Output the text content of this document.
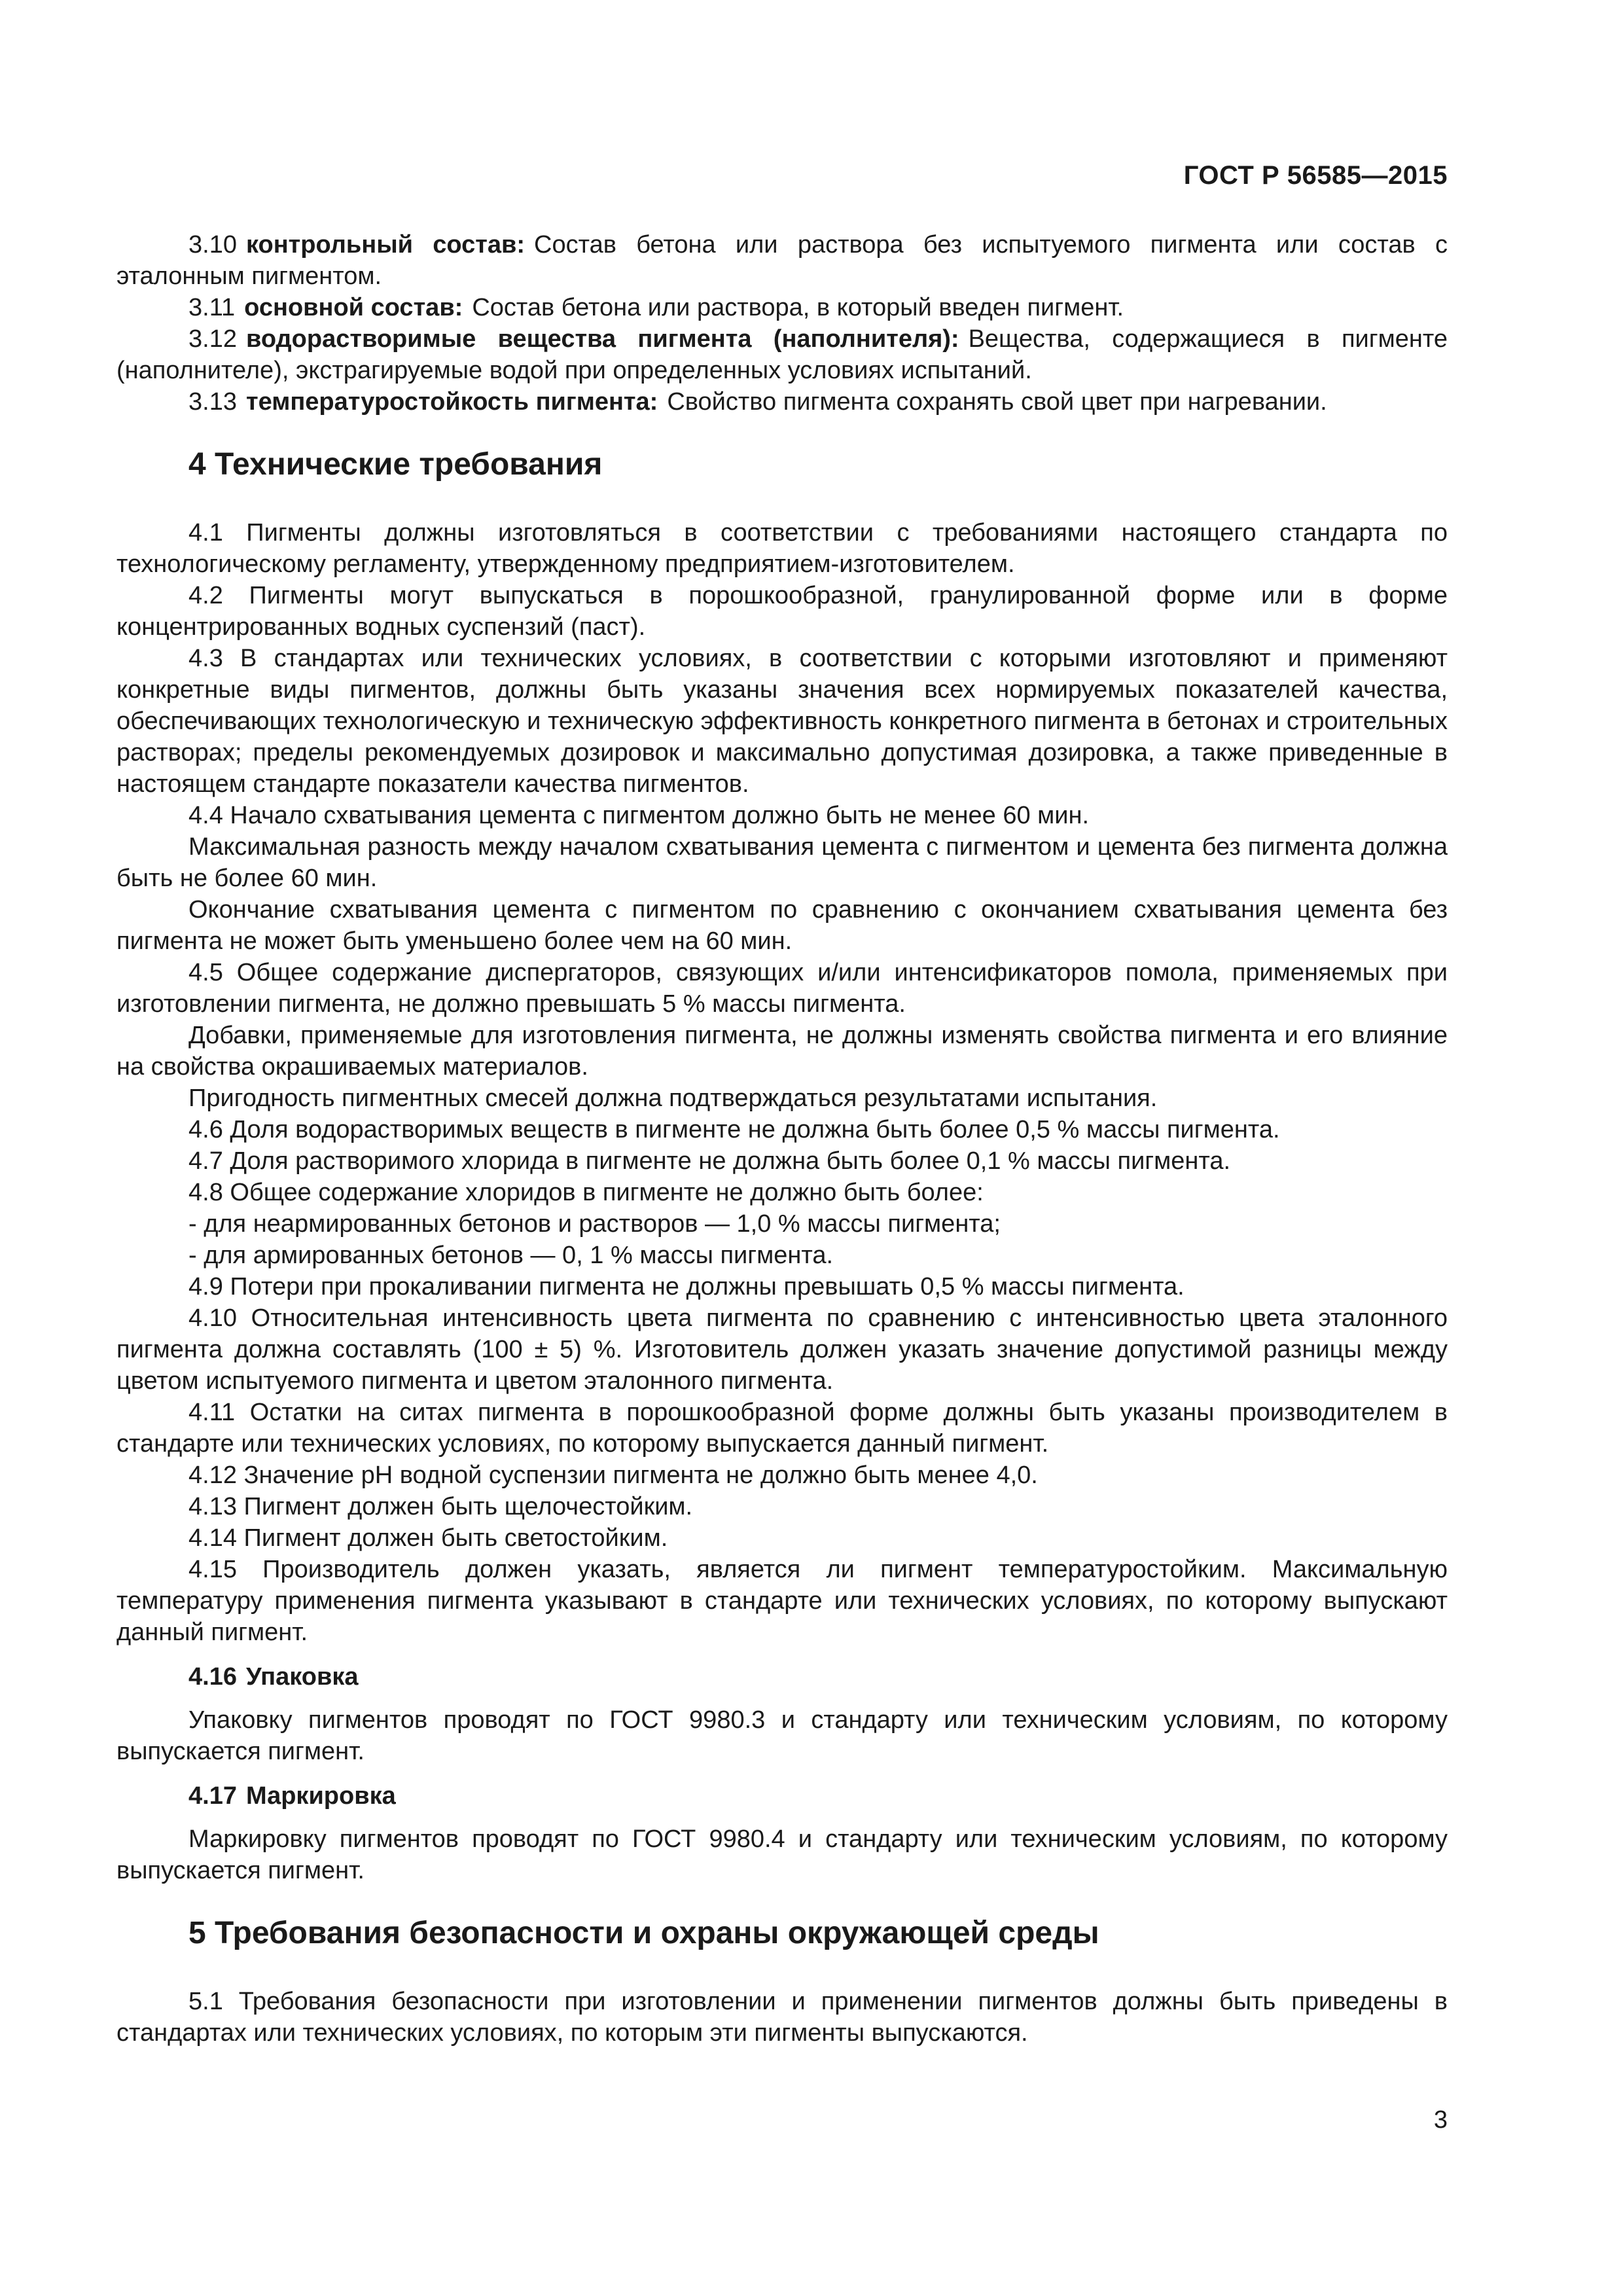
ГОСТ Р 56585—2015

3.10 контрольный состав: Состав бетона или раствора без испытуемого пигмента или состав с эталонным пигментом.

3.11 основной состав: Состав бетона или раствора, в который введен пигмент.

3.12 водорастворимые вещества пигмента (наполнителя): Вещества, содержащиеся в пигменте (наполнителе), экстрагируемые водой при определенных условиях испытаний.

3.13 температуростойкость пигмента: Свойство пигмента сохранять свой цвет при нагревании.

4 Технические требования

4.1 Пигменты должны изготовляться в соответствии с требованиями настоящего стандарта по технологическому регламенту, утвержденному предприятием-изготовителем.

4.2 Пигменты могут выпускаться в порошкообразной, гранулированной форме или в форме концентрированных водных суспензий (паст).

4.3 В стандартах или технических условиях, в соответствии с которыми изготовляют и применяют конкретные виды пигментов, должны быть указаны значения всех нормируемых показателей качества, обеспечивающих технологическую и техническую эффективность конкретного пигмента в бетонах и строительных растворах; пределы рекомендуемых дозировок и максимально допустимая дозировка, а также приведенные в настоящем стандарте показатели качества пигментов.

4.4 Начало схватывания цемента с пигментом должно быть не менее 60 мин.

Максимальная разность между началом схватывания цемента с пигментом и цемента без пигмента должна быть не более 60 мин.

Окончание схватывания цемента с пигментом по сравнению с окончанием схватывания цемента без пигмента не может быть уменьшено более чем на 60 мин.

4.5 Общее содержание диспергаторов, связующих и/или интенсификаторов помола, применяемых при изготовлении пигмента, не должно превышать 5 % массы пигмента.

Добавки, применяемые для изготовления пигмента, не должны изменять свойства пигмента и его влияние на свойства окрашиваемых материалов.

Пригодность пигментных смесей должна подтверждаться результатами испытания.

4.6 Доля водорастворимых веществ в пигменте не должна быть более 0,5 % массы пигмента.

4.7 Доля растворимого хлорида в пигменте не должна быть более 0,1 % массы пигмента.

4.8 Общее содержание хлоридов в пигменте не должно быть более:

- для неармированных бетонов и растворов — 1,0 % массы пигмента;

- для армированных бетонов — 0, 1 % массы пигмента.

4.9 Потери при прокаливании пигмента не должны превышать 0,5 % массы пигмента.

4.10 Относительная интенсивность цвета пигмента по сравнению с интенсивностью цвета эталонного пигмента должна составлять (100 ± 5) %. Изготовитель должен указать значение допустимой разницы между цветом испытуемого пигмента и цветом эталонного пигмента.

4.11 Остатки на ситах пигмента в порошкообразной форме должны быть указаны производителем в стандарте или технических условиях, по которому выпускается данный пигмент.

4.12 Значение pH водной суспензии пигмента не должно быть менее 4,0.

4.13 Пигмент должен быть щелочестойким.

4.14 Пигмент должен быть светостойким.

4.15 Производитель должен указать, является ли пигмент температуростойким. Максимальную температуру применения пигмента указывают в стандарте или технических условиях, по которому выпускают данный пигмент.

4.16 Упаковка

Упаковку пигментов проводят по ГОСТ 9980.3 и стандарту или техническим условиям, по которому выпускается пигмент.

4.17 Маркировка

Маркировку пигментов проводят по ГОСТ 9980.4 и стандарту или техническим условиям, по которому выпускается пигмент.

5 Требования безопасности и охраны окружающей среды

5.1 Требования безопасности при изготовлении и применении пигментов должны быть приведены в стандартах или технических условиях, по которым эти пигменты выпускаются.

3
